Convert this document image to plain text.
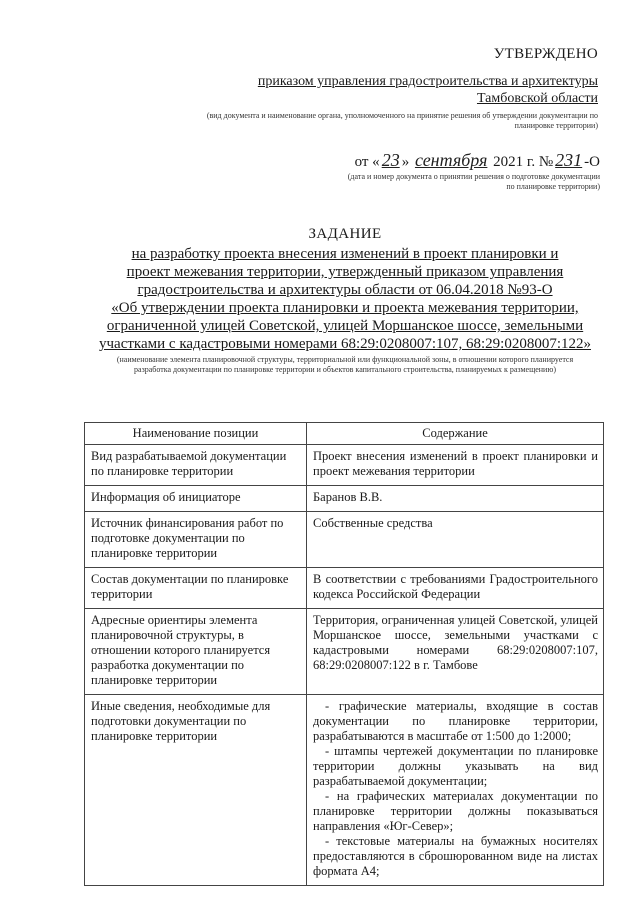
УТВЕРЖДЕНО
приказом управления градостроительства и архитектуры
Тамбовской области
(вид документа и наименование органа, уполномоченного на принятие решения об утверждении документации по планировке территории)
от « 23 » сентября 2021 г. № 231 -О
(дата и номер документа о принятии решения о подготовке документации по планировке территории)
ЗАДАНИЕ
на разработку проекта внесения изменений в проект планировки и
проект межевания территории, утвержденный приказом управления
градостроительства и архитектуры области от 06.04.2018 №93-О
«Об утверждении проекта планировки и проекта межевания территории,
ограниченной улицей Советской, улицей Моршанское шоссе, земельными
участками с кадастровыми номерами 68:29:0208007:107, 68:29:0208007:122»
(наименование элемента планировочной структуры, территориальной или функциональной зоны, в отношении которого планируется разработка документации по планировке территории и объектов капитального строительства, планируемых к размещению)
Наименование позиции	Содержание
Вид разрабатываемой документации по планировке территории	Проект внесения изменений в проект планировки и проект межевания территории
Информация об инициаторе	Баранов В.В.
Источник финансирования работ по подготовке документации по планировке территории	Собственные средства
Состав документации по планировке территории	В соответствии с требованиями Градостроительного кодекса Российской Федерации
Адресные ориентиры элемента планировочной структуры, в отношении которого планируется разработка документации по планировке территории	Территория, ограниченная улицей Советской, улицей Моршанское шоссе, земельными участками с кадастровыми номерами 68:29:0208007:107, 68:29:0208007:122 в г. Тамбове
Иные сведения, необходимые для подготовки документации по планировке территории	- графические материалы, входящие в состав документации по планировке территории, разрабатываются в масштабе от 1:500 до 1:2000;

- штампы чертежей документации по планировке территории должны указывать на вид разрабатываемой документации;

- на графических материалах документации по планировке территории должны показываться направления «Юг-Север»;

- текстовые материалы на бумажных носителях предоставляются в сброшюрованном виде на листах формата А4;
